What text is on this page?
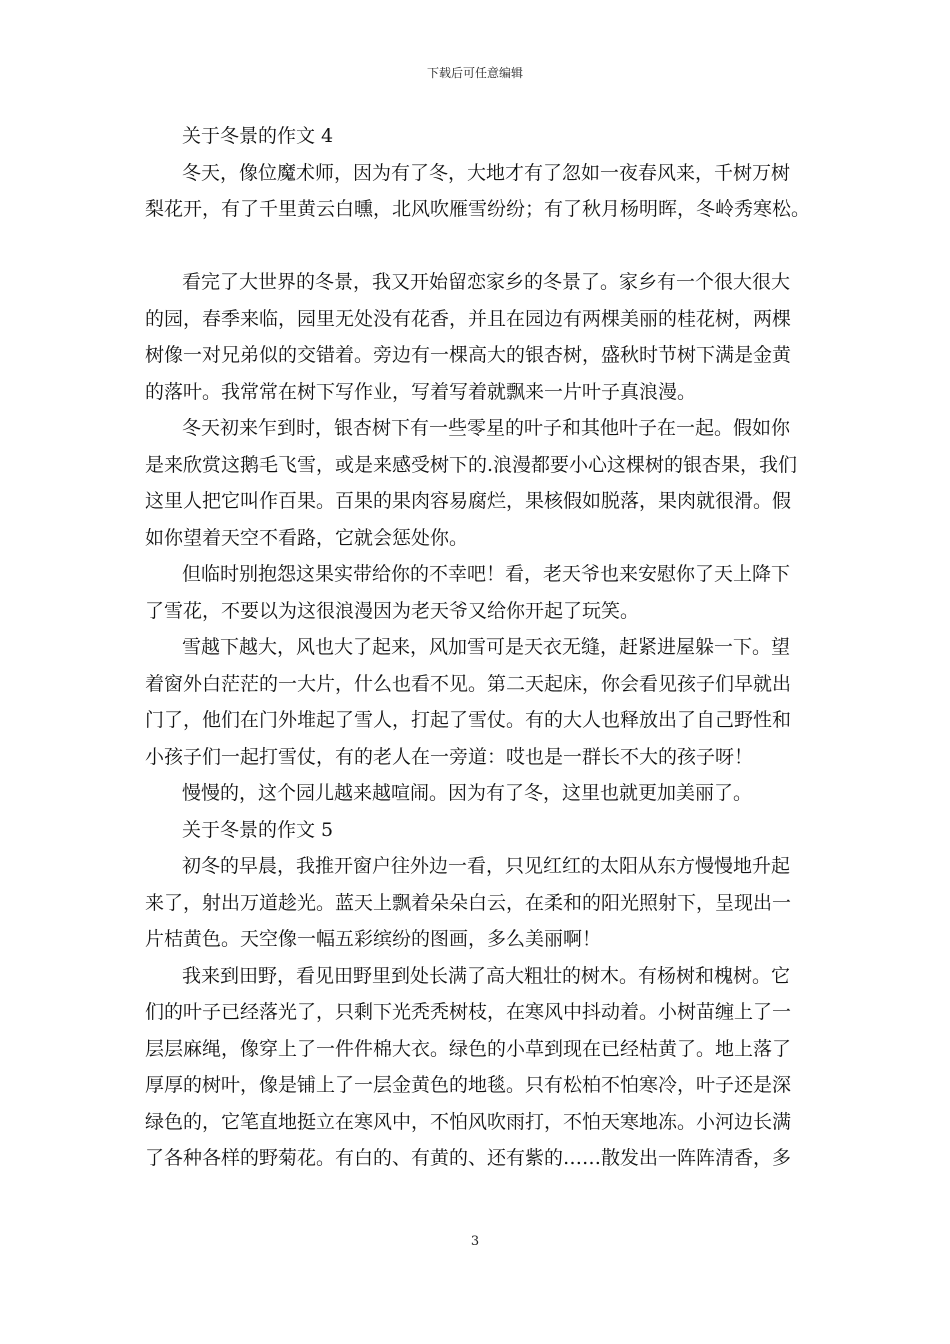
下载后可任意编辑
关于冬景的作文 4
冬天，像位魔术师，因为有了冬，大地才有了忽如一夜春风来，千树万树
梨花开，有了千里黄云白曛，北风吹雁雪纷纷；有了秋月杨明晖，冬岭秀寒松。
看完了大世界的冬景，我又开始留恋家乡的冬景了。家乡有一个很大很大
的园，春季来临，园里无处没有花香，并且在园边有两棵美丽的桂花树，两棵
树像一对兄弟似的交错着。旁边有一棵高大的银杏树，盛秋时节树下满是金黄
的落叶。我常常在树下写作业，写着写着就飘来一片叶子真浪漫。
冬天初来乍到时，银杏树下有一些零星的叶子和其他叶子在一起。假如你
是来欣赏这鹅毛飞雪，或是来感受树下的.浪漫都要小心这棵树的银杏果，我们
这里人把它叫作百果。百果的果肉容易腐烂，果核假如脱落，果肉就很滑。假
如你望着天空不看路，它就会惩处你。
但临时别抱怨这果实带给你的不幸吧！看，老天爷也来安慰你了天上降下
了雪花，不要以为这很浪漫因为老天爷又给你开起了玩笑。
雪越下越大，风也大了起来，风加雪可是天衣无缝，赶紧进屋躲一下。望
着窗外白茫茫的一大片，什么也看不见。第二天起床，你会看见孩子们早就出
门了，他们在门外堆起了雪人，打起了雪仗。有的大人也释放出了自己野性和
小孩子们一起打雪仗，有的老人在一旁道：哎也是一群长不大的孩子呀！
慢慢的，这个园儿越来越喧闹。因为有了冬，这里也就更加美丽了。
关于冬景的作文 5
初冬的早晨，我推开窗户往外边一看，只见红红的太阳从东方慢慢地升起
来了，射出万道趁光。蓝天上飘着朵朵白云，在柔和的阳光照射下，呈现出一
片桔黄色。天空像一幅五彩缤纷的图画，多么美丽啊！
我来到田野，看见田野里到处长满了高大粗壮的树木。有杨树和槐树。它
们的叶子已经落光了，只剩下光秃秃树枝，在寒风中抖动着。小树苗缠上了一
层层麻绳，像穿上了一件件棉大衣。绿色的小草到现在已经枯黄了。地上落了
厚厚的树叶，像是铺上了一层金黄色的地毯。只有松柏不怕寒冷，叶子还是深
绿色的，它笔直地挺立在寒风中，不怕风吹雨打，不怕天寒地冻。小河边长满
了各种各样的野菊花。有白的、有黄的、还有紫的……散发出一阵阵清香，多
3
